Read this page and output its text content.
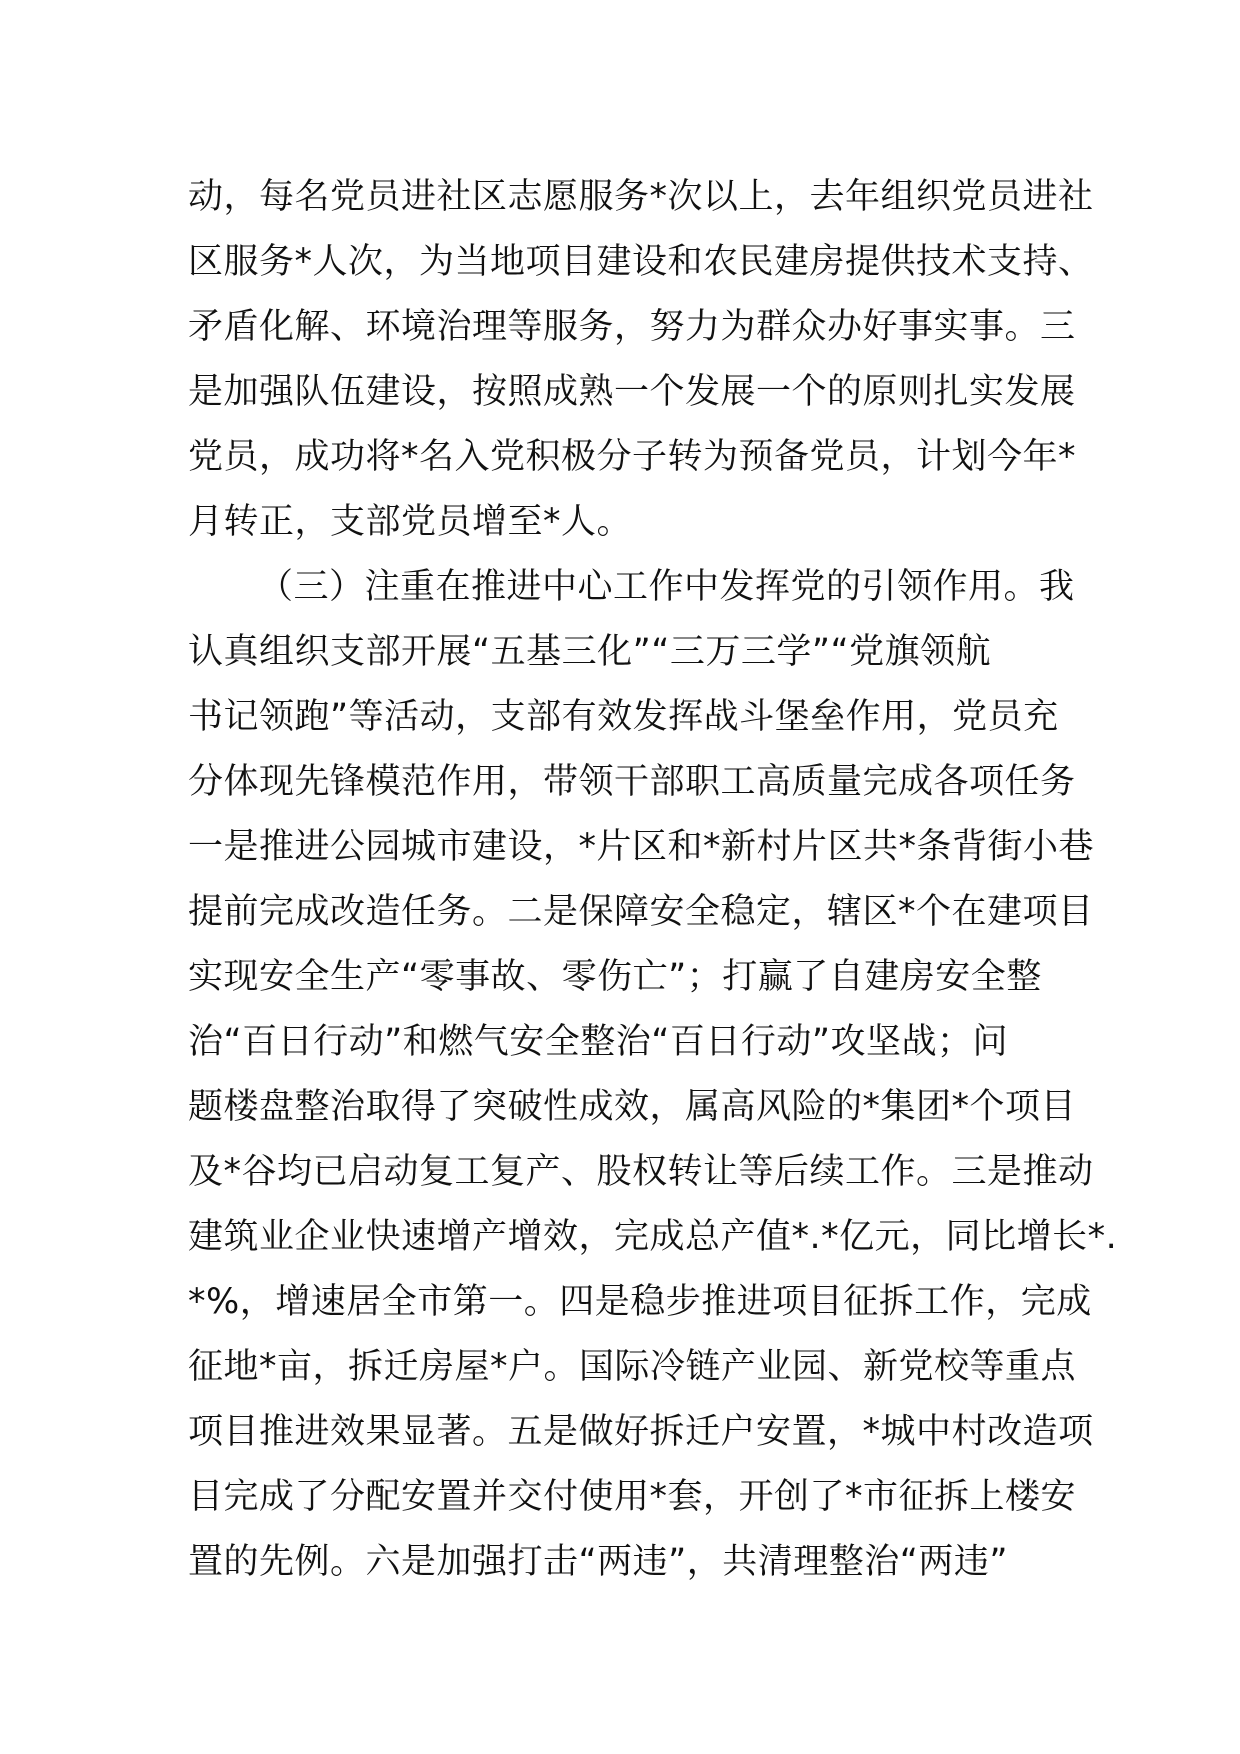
动，每名党员进社区志愿服务*次以上，去年组织党员进社
区服务*人次，为当地项目建设和农民建房提供技术支持、
矛盾化解、环境治理等服务，努力为群众办好事实事。三
是加强队伍建设，按照成熟一个发展一个的原则扎实发展
党员，成功将*名入党积极分子转为预备党员，计划今年*
月转正，支部党员增至*人。
（三）注重在推进中心工作中发挥党的引领作用。我
认真组织支部开展“五基三化”“三万三学”“党旗领航
书记领跑”等活动，支部有效发挥战斗堡垒作用，党员充
分体现先锋模范作用，带领干部职工高质量完成各项任务
一是推进公园城市建设，*片区和*新村片区共*条背街小巷
提前完成改造任务。二是保障安全稳定，辖区*个在建项目
实现安全生产“零事故、零伤亡”；打赢了自建房安全整
治“百日行动”和燃气安全整治“百日行动”攻坚战；问
题楼盘整治取得了突破性成效，属高风险的*集团*个项目
及*谷均已启动复工复产、股权转让等后续工作。三是推动
建筑业企业快速增产增效，完成总产值*.*亿元，同比增长*.
*%，增速居全市第一。四是稳步推进项目征拆工作，完成
征地*亩，拆迁房屋*户。国际冷链产业园、新党校等重点
项目推进效果显著。五是做好拆迁户安置，*城中村改造项
目完成了分配安置并交付使用*套，开创了*市征拆上楼安
置的先例。六是加强打击“两违”，共清理整治“两违”
